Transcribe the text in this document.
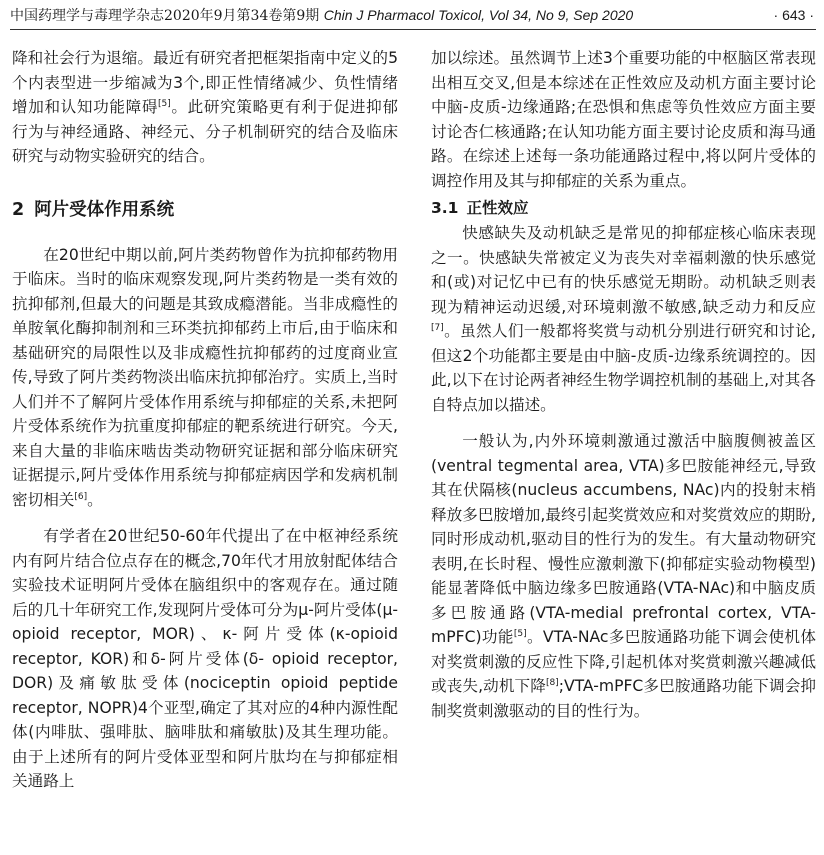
中国药理学与毒理学杂志2020年9月第34卷第9期 Chin J Pharmacol Toxicol, Vol 34, No 9, Sep 2020	· 643 ·

降和社会行为退缩。最近有研究者把框架指南中定义的5个内表型进一步缩减为3个,即正性情绪减少、负性情绪增加和认知功能障碍[5]。此研究策略更有利于促进抑郁行为与神经通路、神经元、分子机制研究的结合及临床研究与动物实验研究的结合。

2 阿片受体作用系统

在20世纪中期以前,阿片类药物曾作为抗抑郁药物用于临床。当时的临床观察发现,阿片类药物是一类有效的抗抑郁剂,但最大的问题是其致成瘾潜能。当非成瘾性的单胺氧化酶抑制剂和三环类抗抑郁药上市后,由于临床和基础研究的局限性以及非成瘾性抗抑郁药的过度商业宣传,导致了阿片类药物淡出临床抗抑郁治疗。实质上,当时人们并不了解阿片受体作用系统与抑郁症的关系,未把阿片受体系统作为抗重度抑郁症的靶系统进行研究。今天,来自大量的非临床啮齿类动物研究证据和部分临床研究证据提示,阿片受体作用系统与抑郁症病因学和发病机制密切相关[6]。

有学者在20世纪50-60年代提出了在中枢神经系统内有阿片结合位点存在的概念,70年代才用放射配体结合实验技术证明阿片受体在脑组织中的客观存在。通过随后的几十年研究工作,发现阿片受体可分为μ-阿片受体(μ-opioid receptor, MOR)、κ-阿片受体(κ-opioid receptor, KOR)和δ-阿片受体(δ- opioid receptor, DOR)及痛敏肽受体(nociceptin opioid peptide receptor, NOPR)4个亚型,确定了其对应的4种内源性配体(内啡肽、强啡肽、脑啡肽和痛敏肽)及其生理功能。由于上述所有的阿片受体亚型和阿片肽均在与抑郁症相关通路上

加以综述。虽然调节上述3个重要功能的中枢脑区常表现出相互交叉,但是本综述在正性效应及动机方面主要讨论中脑-皮质-边缘通路;在恐惧和焦虑等负性效应方面主要讨论杏仁核通路;在认知功能方面主要讨论皮质和海马通路。在综述上述每一条功能通路过程中,将以阿片受体的调控作用及其与抑郁症的关系为重点。

3.1 正性效应

快感缺失及动机缺乏是常见的抑郁症核心临床表现之一。快感缺失常被定义为丧失对幸福刺激的快乐感觉和(或)对记忆中已有的快乐感觉无期盼。动机缺乏则表现为精神运动迟缓,对环境刺激不敏感,缺乏动力和反应[7]。虽然人们一般都将奖赏与动机分别进行研究和讨论,但这2个功能都主要是由中脑-皮质-边缘系统调控的。因此,以下在讨论两者神经生物学调控机制的基础上,对其各自特点加以描述。

一般认为,内外环境刺激通过激活中脑腹侧被盖区(ventral tegmental area, VTA)多巴胺能神经元,导致其在伏隔核(nucleus accumbens, NAc)内的投射末梢释放多巴胺增加,最终引起奖赏效应和对奖赏效应的期盼,同时形成动机,驱动目的性行为的发生。有大量动物研究表明,在长时程、慢性应激刺激下(抑郁症实验动物模型)能显著降低中脑边缘多巴胺通路(VTA-NAc)和中脑皮质多巴胺通路(VTA-medial prefrontal cortex, VTA-mPFC)功能[5]。VTA-NAc多巴胺通路功能下调会使机体对奖赏刺激的反应性下降,引起机体对奖赏刺激兴趣减低或丧失,动机下降[8];VTA-mPFC多巴胺通路功能下调会抑制奖赏刺激驱动的目的性行为。
